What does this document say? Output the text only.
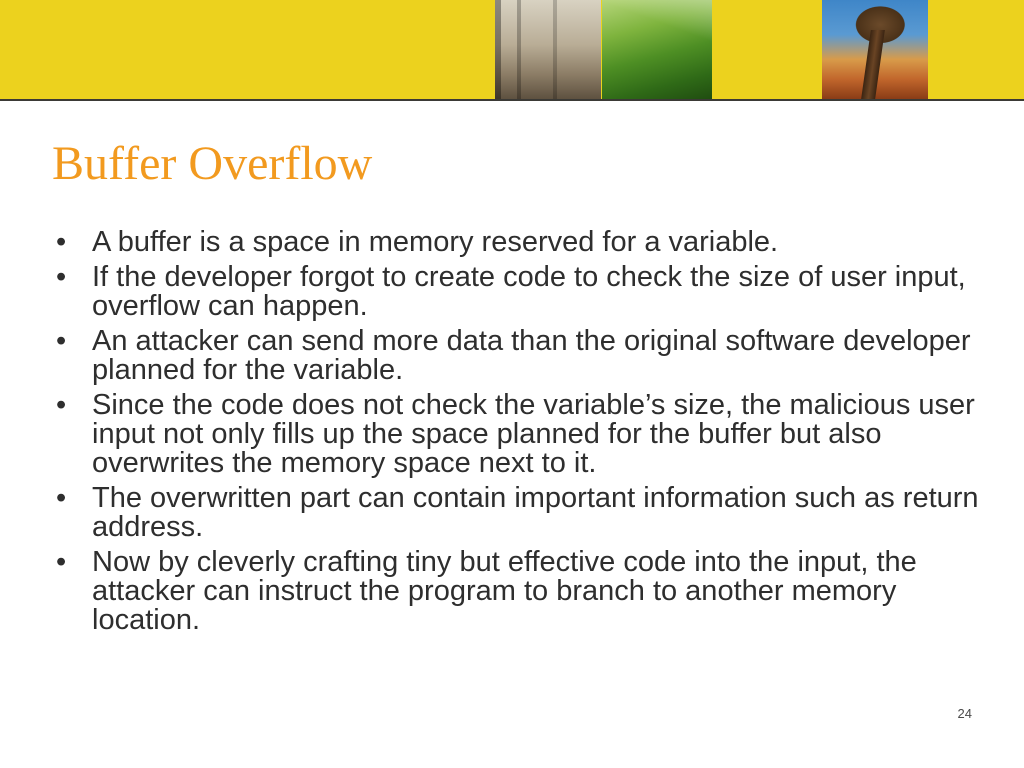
Buffer Overflow
• A buffer is a space in memory reserved for a variable.
• If the developer forgot to create code to check the size of user input, overflow can happen.
• An attacker can send more data than the original software developer planned for the variable.
• Since the code does not check the variable’s size, the malicious user input not only fills up the space planned for the buffer but also overwrites the memory space next to it.
• The overwritten part can contain important information such as return address.
• Now by cleverly crafting tiny but effective code into the input, the attacker can instruct the program to branch to another memory location.
24
